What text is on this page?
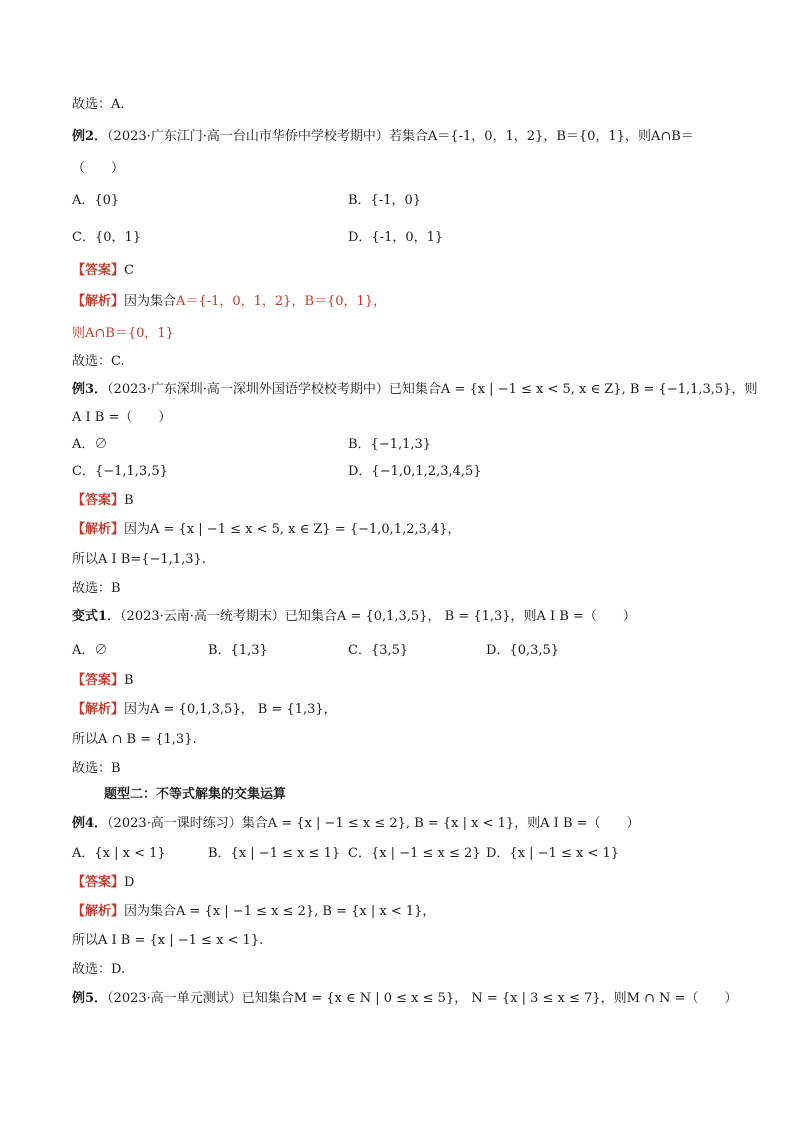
故选：A.
例2．（2023·广东江门·高一台山市华侨中学校考期中）若集合A＝{-1，0，1，2}，B＝{0，1}，则A∩B＝
（　　）
A．{0}	B．{-1，0}
C．{0，1}	D．{-1，0，1}
【答案】C
【解析】因为集合A＝{-1，0，1，2}，B＝{0，1}，
则A∩B＝{0，1}
故选：C.
例3．（2023·广东深圳·高一深圳外国语学校校考期中）已知集合A = {x | −1 ≤ x < 5, x ∈ Z}, B = {−1,1,3,5}，则
A I B =（　　）
A．∅	B．{−1,1,3}
C．{−1,1,3,5}	D．{−1,0,1,2,3,4,5}
【答案】B
【解析】因为A = {x | −1 ≤ x < 5, x ∈ Z} = {−1,0,1,2,3,4}，
所以A I B={−1,1,3}.
故选：B
变式1．（2023·云南·高一统考期末）已知集合A = {0,1,3,5}， B = {1,3}，则A I B =（　　）
A．∅	B．{1,3}	C．{3,5}	D．{0,3,5}
【答案】B
【解析】因为A = {0,1,3,5}， B = {1,3}，
所以A ∩ B = {1,3}.
故选：B
题型二：不等式解集的交集运算
例4．（2023·高一课时练习）集合A = {x | −1 ≤ x ≤ 2}, B = {x | x < 1}，则A I B =（　　）
A．{x | x < 1}	B．{x | −1 ≤ x ≤ 1} C．{x | −1 ≤ x ≤ 2} D．{x | −1 ≤ x < 1}
【答案】D
【解析】因为集合A = {x | −1 ≤ x ≤ 2}, B = {x | x < 1}，
所以A I B = {x | −1 ≤ x < 1}.
故选：D.
例5．（2023·高一单元测试）已知集合M = {x ∈ N | 0 ≤ x ≤ 5}， N = {x | 3 ≤ x ≤ 7}，则M ∩ N =（　　）
